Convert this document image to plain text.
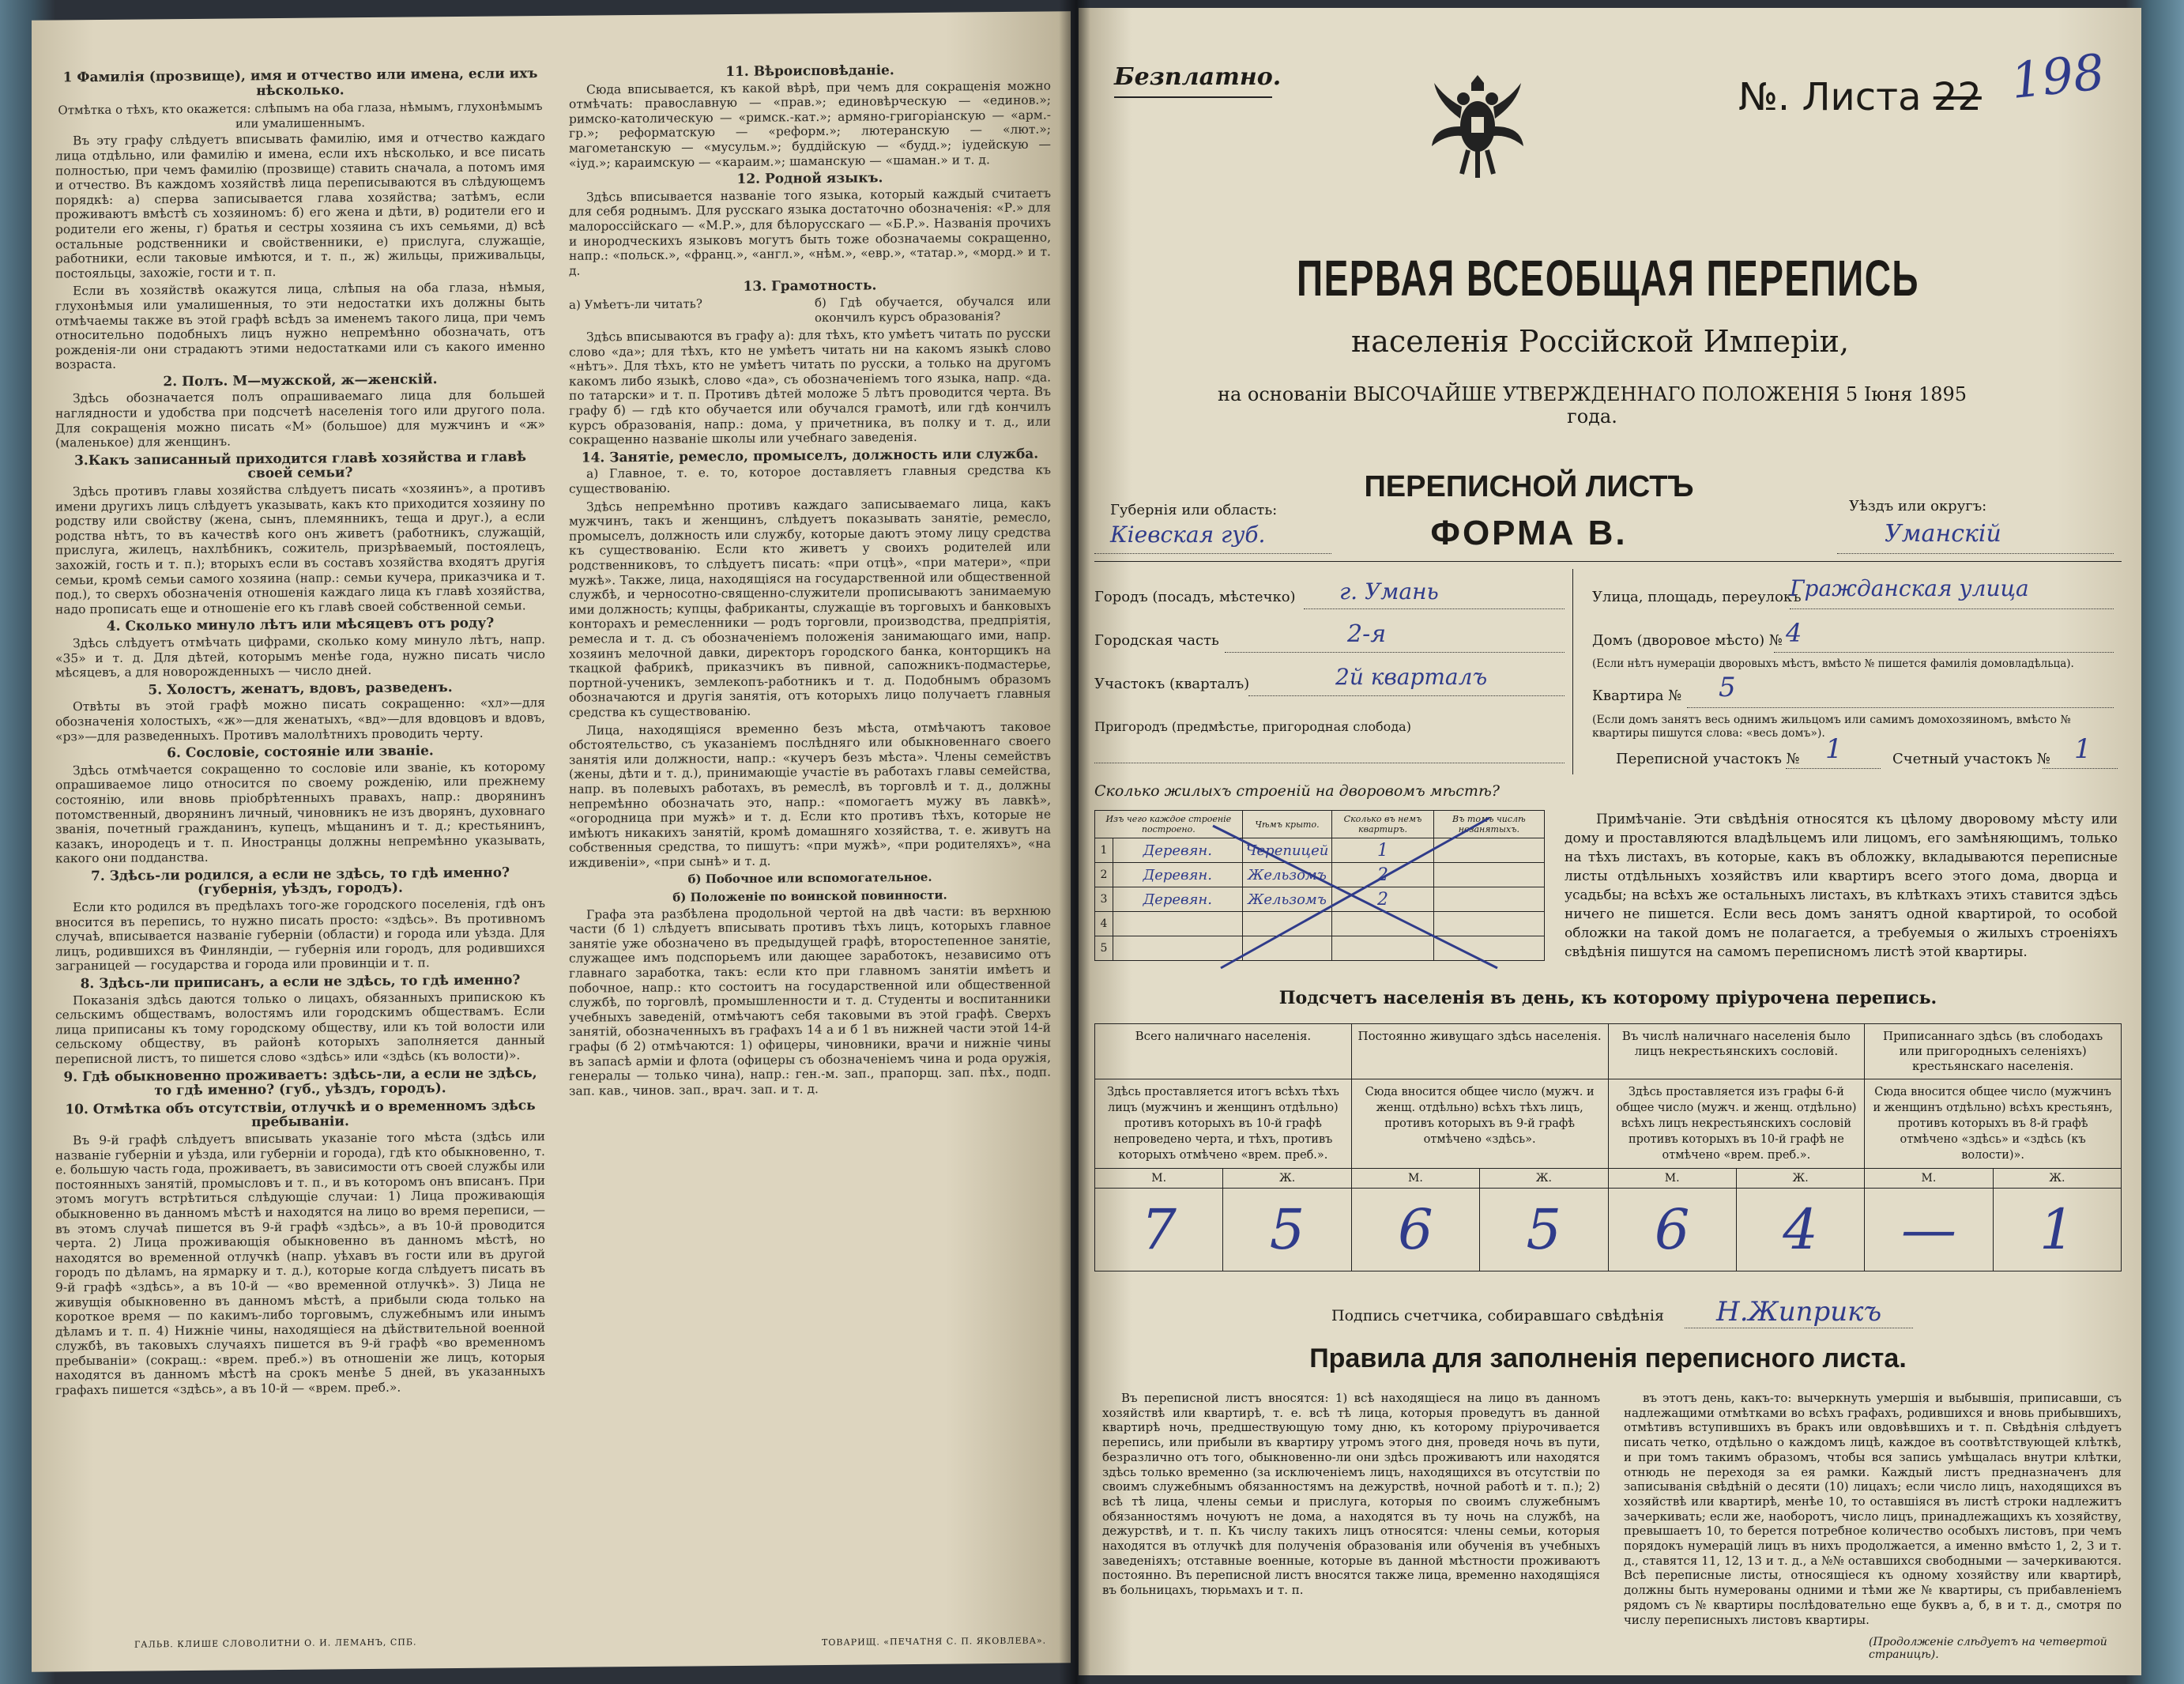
1 Фамилія (прозвище), имя и отчество или имена, если ихъ нѣсколько.
Отмѣтка о тѣхъ, кто окажется: слѣпымъ на оба глаза, нѣмымъ, глухонѣмымъ или умалишеннымъ.

Въ эту графу слѣдуетъ вписывать фамилію, имя и отчество каждаго лица отдѣльно, или фамилію и имена, если ихъ нѣсколько, и все писать полностью, при чемъ фамилію (прозвище) ставить сначала, а потомъ имя и отчество. Въ каждомъ хозяйствѣ лица переписываются въ слѣдующемъ порядкѣ: а) сперва записывается глава хозяйства; затѣмъ, если проживаютъ вмѣстѣ съ хозяиномъ: б) его жена и дѣти, в) родители его и родители его жены, г) братья и сестры хозяина съ ихъ семьями, д) всѣ остальные родственники и свойственники, е) прислуга, служащіе, работники, если таковые имѣются, и т. п., ж) жильцы, приживальцы, постояльцы, захожіе, гости и т. п.

Если въ хозяйствѣ окажутся лица, слѣпыя на оба глаза, нѣмыя, глухонѣмыя или умалишенныя, то эти недостатки ихъ должны быть отмѣчаемы также въ этой графѣ всѣдъ за именемъ такого лица, при чемъ относительно подобныхъ лицъ нужно непремѣнно обозначать, отъ рожденія-ли они страдаютъ этими недостатками или съ какого именно возраста.

2. Полъ. М—мужской, ж—женскій.

Здѣсь обозначается полъ опрашиваемаго лица для большей наглядности и удобства при подсчетѣ населенія того или другого пола. Для сокращенія можно писать «М» (большое) для мужчинъ и «ж» (маленькое) для женщинъ.

3.Какъ записанный приходится главѣ хозяйства и главѣ своей семьи?

Здѣсь противъ главы хозяйства слѣдуетъ писать «хозяинъ», а противъ имени другихъ лицъ слѣдуетъ указывать, какъ кто приходится хозяину по родству или свойству (жена, сынъ, племянникъ, теща и друг.), а если родства нѣтъ, то въ качествѣ кого онъ живетъ (работникъ, служащій, прислуга, жилецъ, нахлѣбникъ, сожитель, призрѣваемый, постоялецъ, захожій, гость и т. п.); вторыхъ если въ составъ хозяйства входятъ другія семьи, кромѣ семьи самого хозяина (напр.: семьи кучера, приказчика и т. под.), то сверхъ обозначенія отношенія каждаго лица къ главѣ хозяйства, надо прописать еще и отношеніе его къ главѣ своей собственной семьи.

4. Сколько минуло лѣтъ или мѣсяцевъ отъ роду?

Здѣсь слѣдуетъ отмѣчать цифрами, сколько кому минуло лѣтъ, напр. «35» и т. д. Для дѣтей, которымъ менѣе года, нужно писать число мѣсяцевъ, а для новорожденныхъ — число дней.

5. Холостъ, женатъ, вдовъ, разведенъ.

Отвѣты въ этой графѣ можно писать сокращенно: «хл»—для обозначенія холостыхъ, «ж»—для женатыхъ, «вд»—для вдовцовъ и вдовъ, «рз»—для разведенныхъ. Противъ малолѣтнихъ проводить черту.

6. Сословіе, состояніе или званіе.

Здѣсь отмѣчается сокращенно то сословіе или званіе, къ которому опрашиваемое лицо относится по своему рожденію, или прежнему состоянію, или вновь пріобрѣтенныхъ правахъ, напр.: дворянинъ потомственный, дворянинъ личный, чиновникъ не изъ дворянъ, духовнаго званія, почетный гражданинъ, купецъ, мѣщанинъ и т. д.; крестьянинъ, казакъ, инородецъ и т. п. Иностранцы должны непремѣнно указывать, какого они подданства.

7. Здѣсь-ли родился, а если не здѣсь, то гдѣ именно? (губернія, уѣздъ, городъ).

Если кто родился въ предѣлахъ того-же городского поселенія, гдѣ онъ вносится въ перепись, то нужно писать просто: «здѣсь». Въ противномъ случаѣ, вписывается названіе губерніи (области) и города или уѣзда. Для лицъ, родившихся въ Финляндіи, — губернія или городъ, для родившихся заграницей — государства и города или провинціи и т. п.

8. Здѣсь-ли приписанъ, а если не здѣсь, то гдѣ именно?

Показанія здѣсь даются только о лицахъ, обязанныхъ припискою къ сельскимъ обществамъ, волостямъ или городскимъ обществамъ. Если лица приписаны къ тому городскому обществу, или къ той волости или сельскому обществу, въ районѣ которыхъ заполняется данный переписной листъ, то пишется слово «здѣсь» или «здѣсь (къ волости)».

9. Гдѣ обыкновенно проживаетъ: здѣсь-ли, а если не здѣсь, то гдѣ именно? (губ., уѣздъ, городъ).
10. Отмѣтка объ отсутствіи, отлучкѣ и о временномъ здѣсь пребываніи.

Въ 9-й графѣ слѣдуетъ вписывать указаніе того мѣста (здѣсь или названіе губерніи и уѣзда, или губерніи и города), гдѣ кто обыкновенно, т. е. большую часть года, проживаетъ, въ зависимости отъ своей службы или постоянныхъ занятій, промысловъ и т. п., и въ которомъ онъ вписанъ. При этомъ могутъ встрѣтиться слѣдующіе случаи: 1) Лица проживающія обыкновенно въ данномъ мѣстѣ и находятся на лицо во время переписи, — въ этомъ случаѣ пишется въ 9-й графѣ «здѣсь», а въ 10-й проводится черта. 2) Лица проживающія обыкновенно въ данномъ мѣстѣ, но находятся во временной отлучкѣ (напр. уѣхавъ въ гости или въ другой городъ по дѣламъ, на ярмарку и т. д.), которые когда слѣдуетъ писать въ 9-й графѣ «здѣсь», а въ 10-й — «во временной отлучкѣ». 3) Лица не живущія обыкновенно въ данномъ мѣстѣ, а прибыли сюда только на короткое время — по какимъ-либо торговымъ, служебнымъ или инымъ дѣламъ и т. п. 4) Нижніе чины, находящіеся на дѣйствительной военной службѣ, въ таковыхъ случаяхъ пишется въ 9-й графѣ «во временномъ пребываніи» (сокращ.: «врем. преб.») въ отношеніи же лицъ, которыя находятся въ данномъ мѣстѣ на срокъ менѣе 5 дней, въ указанныхъ графахъ пишется «здѣсь», а въ 10-й — «врем. преб.».

ГАЛЬВ. КЛИШЕ СЛОВОЛИТНИ О. И. ЛЕМАНЪ, СПБ.
11. Вѣроисповѣданіе.

Сюда вписывается, къ какой вѣрѣ, при чемъ для сокращенія можно отмѣчать: православную — «прав.»; единовѣрческую — «единов.»; римско-католическую — «римск.-кат.»; армяно-григоріанскую — «арм.-гр.»; реформатскую — «реформ.»; лютеранскую — «лют.»; магометанскую — «мусульм.»; буддійскую — «будд.»; іудейскую — «іуд.»; караимскую — «караим.»; шаманскую — «шаман.» и т. д.

12. Родной языкъ.

Здѣсь вписывается названіе того языка, который каждый считаетъ для себя роднымъ. Для русскаго языка достаточно обозначенія: «Р.» для малороссійскаго — «М.Р.», для бѣлорусскаго — «Б.Р.». Названія прочихъ и инородческихъ языковъ могутъ быть тоже обозначаемы сокращенно, напр.: «польск.», «франц.», «англ.», «нѣм.», «евр.», «татар.», «морд.» и т. д.

13. Грамотность.
а) Умѣетъ-ли читать?	б) Гдѣ обучается, обучался или окончилъ курсъ образованія?

Здѣсь вписываются въ графу а): для тѣхъ, кто умѣетъ читать по русски слово «да»; для тѣхъ, кто не умѣетъ читать ни на какомъ языкѣ слово «нѣтъ». Для тѣхъ, кто не умѣетъ читать по русски, а только на другомъ какомъ либо языкѣ, слово «да», съ обозначеніемъ того языка, напр. «да. по татарски» и т. п. Противъ дѣтей моложе 5 лѣтъ проводится черта. Въ графу б) — гдѣ кто обучается или обучался грамотѣ, или гдѣ кончилъ курсъ образованія, напр.: дома, у причетника, въ полку и т. д., или сокращенно названіе школы или учебнаго заведенія.

14. Занятіе, ремесло, промыселъ, должность или служба.

а) Главное, т. е. то, которое доставляетъ главныя средства къ существованію.

Здѣсь непремѣнно противъ каждаго записываемаго лица, какъ мужчинъ, такъ и женщинъ, слѣдуетъ показывать занятіе, ремесло, промыселъ, должность или службу, которые даютъ этому лицу средства къ существованію. Если кто живетъ у своихъ родителей или родственниковъ, то слѣдуетъ писать: «при отцѣ», «при матери», «при мужѣ». Также, лица, находящіяся на государственной или общественной службѣ, и черносотно-священно-служители прописываютъ занимаемую ими должность; купцы, фабриканты, служащіе въ торговыхъ и банковыхъ конторахъ и ремесленники — родъ торговли, производства, предпріятія, ремесла и т. д. съ обозначеніемъ положенія занимающаго ими, напр. хозяинъ мелочной давки, директоръ городского банка, конторщикъ на ткацкой фабрикѣ, приказчикъ въ пивной, сапожникъ-подмастерье, портной-ученикъ, землекопъ-работникъ и т. д. Подобнымъ образомъ обозначаются и другія занятія, отъ которыхъ лицо получаетъ главныя средства къ существованію.

Лица, находящіяся временно безъ мѣста, отмѣчаютъ таковое обстоятельство, съ указаніемъ послѣдняго или обыкновеннаго своего занятія или должности, напр.: «кучеръ безъ мѣста». Члены семействъ (жены, дѣти и т. д.), принимающіе участіе въ работахъ главы семейства, напр. въ полевыхъ работахъ, въ ремеслѣ, въ торговлѣ и т. д., должны непремѣнно обозначать это, напр.: «помогаетъ мужу въ лавкѣ», «огородница при мужѣ» и т. д. Если кто противъ тѣхъ, которые не имѣютъ никакихъ занятій, кромѣ домашняго хозяйства, т. е. живутъ на собственныя средства, то пишутъ: «при мужѣ», «при родителяхъ», «на иждивеніи», «при сынѣ» и т. д.

б) Побочное или вспомогательное.
б) Положеніе по воинской повинности.

Графа эта разбѣлена продольной чертой на двѣ части: въ верхнюю части (б 1) слѣдуетъ вписывать противъ тѣхъ лицъ, которыхъ главное занятіе уже обозначено въ предыдущей графѣ, второстепенное занятіе, служащее имъ подспорьемъ или дающее заработокъ, независимо отъ главнаго заработка, такъ: если кто при главномъ занятіи имѣетъ и побочное, напр.: кто состоитъ на государственной или общественной службѣ, по торговлѣ, промышленности и т. д. Студенты и воспитанники учебныхъ заведеній, отмѣчаютъ себя таковыми въ этой графѣ. Сверхъ занятій, обозначенныхъ въ графахъ 14 а и б 1 въ нижней части этой 14-й графы (б 2) отмѣчаются: 1) офицеры, чиновники, врачи и нижніе чины въ запасѣ арміи и флота (офицеры съ обозначеніемъ чина и рода оружія, генералы — только чина), напр.: ген.-м. зап., прапорщ. зап. пѣх., подп. зап. кав., чинов. зап., врач. зап. и т. д.

ТОВАРИЩ. «ПЕЧАТНЯ С. П. ЯКОВЛЕВА».
Безплатно.	№. Листа 22 198
ПЕРВАЯ ВСЕОБЩАЯ ПЕРЕПИСЬ
населенія Россійской Имперіи,
на основаніи ВЫСОЧАЙШЕ УТВЕРЖДЕННАГО ПОЛОЖЕНІЯ 5 Іюня 1895 года.
Губернія или область:
Кіевская губ.
ПЕРЕПИСНОЙ ЛИСТЪ
ФОРМА В.
Уѣздъ или округъ:
Уманскій
Городъ (посадъ, мѣстечко) г. Умань
Городская часть	2-я
Участокъ (кварталъ)	2й кварталъ
Пригородъ (предмѣстье, пригородная слобода)
Улица, площадь, переулокъ
Гражданская улица
Домъ (дворовое мѣсто) № 4
(Если нѣтъ нумераціи дворовыхъ мѣстъ, вмѣсто № пишется фамилія домовладѣльца).
Квартира № 5
(Если домъ занятъ весь однимъ жильцомъ или самимъ домохозяиномъ, вмѣсто № квартиры пишутся слова: «весь домъ»).
Переписной участокъ № 1	Счетный участокъ № 1
Сколько жилыхъ строеній на дворовомъ мѣстѣ?
Изъ чего каждое строеніе построено.		Чѣмъ крыто.	Сколько въ немъ квартиръ.	Въ томъ числѣ незанятыхъ.
1	Деревян.	Черепицей	1	
2	Деревян.	Жельзомъ	2	
3	Деревян.	Жельзомъ	2	
4				
5				

Примѣчаніе. Эти свѣдѣнія относятся къ цѣлому дворовому мѣсту или дому и проставляются владѣльцемъ или лицомъ, его замѣняющимъ, только на тѣхъ листахъ, въ которые, какъ въ обложку, вкладываются переписные листы отдѣльныхъ хозяйствъ или квартиръ всего этого дома, дворца и усадьбы; на всѣхъ же остальныхъ листахъ, въ клѣткахъ этихъ ставится здѣсь ничего не пишется. Если весь домъ занятъ одной квартирой, то особой обложки на такой домъ не полагается, а требуемыя о жилыхъ строеніяхъ свѣдѣнія пишутся на самомъ переписномъ листѣ этой квартиры.

Подсчетъ населенія въ день, къ которому пріурочена перепись.
Всего наличнаго населенія.		Постоянно живущаго здѣсь населенія.		Въ числѣ наличнаго населенія было лицъ некрестьянскихъ сословій.		Приписаннаго здѣсь (въ слободахъ или пригородныхъ селеніяхъ) крестьянскаго населенія.	
Здѣсь проставляется итогъ всѣхъ тѣхъ лицъ (мужчинъ и женщинъ отдѣльно) противъ которыхъ въ 10-й графѣ непроведено черта, и тѣхъ, противъ которыхъ отмѣчено «врем. преб.».		Сюда вносится общее число (мужч. и женщ. отдѣльно) всѣхъ тѣхъ лицъ, противъ которыхъ въ 9-й графѣ отмѣчено «здѣсь».		Здѣсь проставляется изъ графы 6-й общее число (мужч. и женщ. отдѣльно) всѣхъ лицъ некрестьянскихъ сословій противъ которыхъ въ 10-й графѣ не отмѣчено «врем. преб.».		Сюда вносится общее число (мужчинъ и женщинъ отдѣльно) всѣхъ крестьянъ, противъ которыхъ въ 8-й графѣ отмѣчено «здѣсь» и «здѣсь (къ волости)».	
М.	Ж.	М.	Ж.	М.	Ж.	М.	Ж.
7	5	6	5	6	4	—	1
Подпись счетчика, собиравшаго свѣдѣнія Н.Жиприкъ
Правила для заполненія переписного листа.

Въ переписной листъ вносятся: 1) всѣ находящіеся на лицо въ данномъ хозяйствѣ или квартирѣ, т. е. всѣ тѣ лица, которыя проведутъ въ данной квартирѣ ночь, предшествующую тому дню, къ которому пріурочивается перепись, или прибыли въ квартиру утромъ этого дня, проведя ночь въ пути, безразлично отъ того, обыкновенно-ли они здѣсь проживаютъ или находятся здѣсь только временно (за исключеніемъ лицъ, находящихся въ отсутствіи по своимъ служебнымъ обязанностямъ на дежурствѣ, ночной работѣ и т. п.); 2) всѣ тѣ лица, члены семьи и прислуга, которыя по своимъ служебнымъ обязанностямъ ночуютъ не дома, а находятся въ ту ночь на службѣ, на дежурствѣ, и т. п. Къ числу такихъ лицъ относятся: члены семьи, которыя находятся въ отлучкѣ для полученія образованія или обученія въ учебныхъ заведеніяхъ; отставные военные, которые въ данной мѣстности проживаютъ постоянно. Въ переписной листъ вносятся также лица, временно находящіяся въ больницахъ, тюрьмахъ и т. п.

въ этотъ день, какъ-то: вычеркнуть умершія и выбывшія, приписавши, съ надлежащими отмѣтками во всѣхъ графахъ, родившихся и вновь прибывшихъ, отмѣтивъ вступившихъ въ бракъ или овдовѣвшихъ и т. п. Свѣдѣнія слѣдуетъ писать четко, отдѣльно о каждомъ лицѣ, каждое въ соотвѣтствующей клѣткѣ, и при томъ такимъ образомъ, чтобы вся запись умѣщалась внутри клѣтки, отнюдь не переходя за ея рамки. Каждый листъ предназначенъ для записыванія свѣдѣній о десяти (10) лицахъ; если число лицъ, находящихся въ хозяйствѣ или квартирѣ, менѣе 10, то оставшіяся въ листѣ строки надлежитъ зачеркивать; если же, наоборотъ, число лицъ, принадлежащихъ къ хозяйству, превышаетъ 10, то берется потребное количество особыхъ листовъ, при чемъ порядокъ нумерацій лицъ въ нихъ продолжается, а именно вмѣсто 1, 2, 3 и т. д., ставятся 11, 12, 13 и т. д., а №№ оставшихся свободными — зачеркиваются. Всѣ переписные листы, относящіеся къ одному хозяйству или квартирѣ, должны быть нумерованы одними и тѣми же № квартиры, съ прибавленіемъ рядомъ съ № квартиры послѣдовательно еще буквъ а, б, в и т. д., смотря по числу переписныхъ листовъ квартиры.

(Продолженіе слѣдуетъ на четвертой страницѣ).
